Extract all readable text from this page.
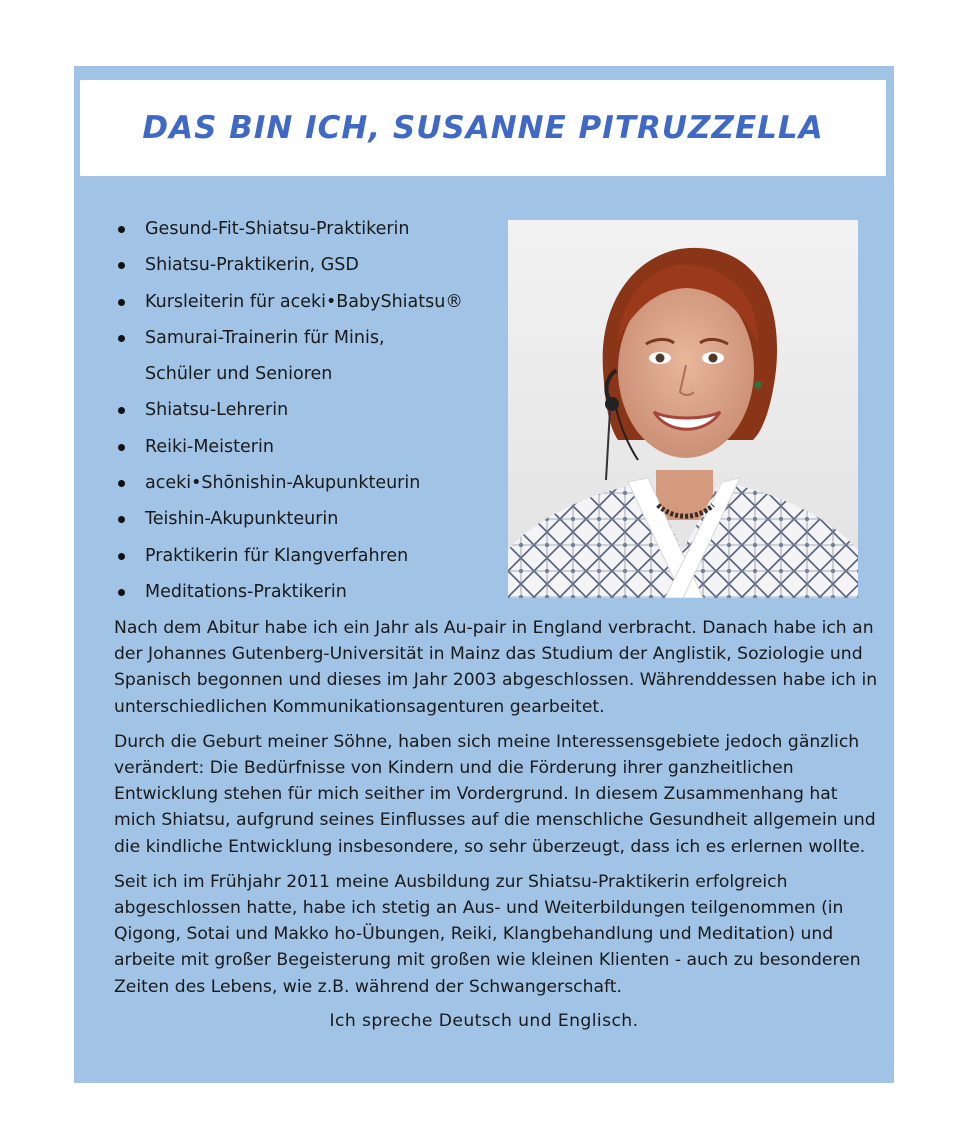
DAS BIN ICH, SUSANNE PITRUZZELLA
Gesund-Fit-Shiatsu-Praktikerin
Shiatsu-Praktikerin, GSD
Kursleiterin für aceki•BabyShiatsu®
Samurai-Trainerin für Minis, Schüler und Senioren
Shiatsu-Lehrerin
Reiki-Meisterin
aceki•Shōnishin-Akupunkteurin
Teishin-Akupunkteurin
Praktikerin für Klangverfahren
Meditations-Praktikerin

Nach dem Abitur habe ich ein Jahr als Au-pair in England verbracht. Danach habe ich an der Johannes Gutenberg-Universität in Mainz das Studium der Anglistik, Soziologie und Spanisch begonnen und dieses im Jahr 2003 abgeschlossen. Währenddessen habe ich in unterschiedlichen Kommunikationsagenturen gearbeitet.

Durch die Geburt meiner Söhne, haben sich meine Interessensgebiete jedoch gänzlich verändert: Die Bedürfnisse von Kindern und die Förderung ihrer ganzheitlichen Entwicklung stehen für mich seither im Vordergrund. In diesem Zusammenhang hat mich Shiatsu, aufgrund seines Einflusses auf die menschliche Gesundheit allgemein und die kindliche Entwicklung insbesondere, so sehr überzeugt, dass ich es erlernen wollte.

Seit ich im Frühjahr 2011 meine Ausbildung zur Shiatsu-Praktikerin erfolgreich abgeschlossen hatte, habe ich stetig an Aus- und Weiterbildungen teilgenommen (in Qigong, Sotai und Makko ho-Übungen, Reiki, Klangbehandlung und Meditation) und arbeite mit großer Begeisterung mit großen wie kleinen Klienten - auch zu besonderen Zeiten des Lebens, wie z.B. während der Schwangerschaft.

Ich spreche Deutsch und Englisch.
